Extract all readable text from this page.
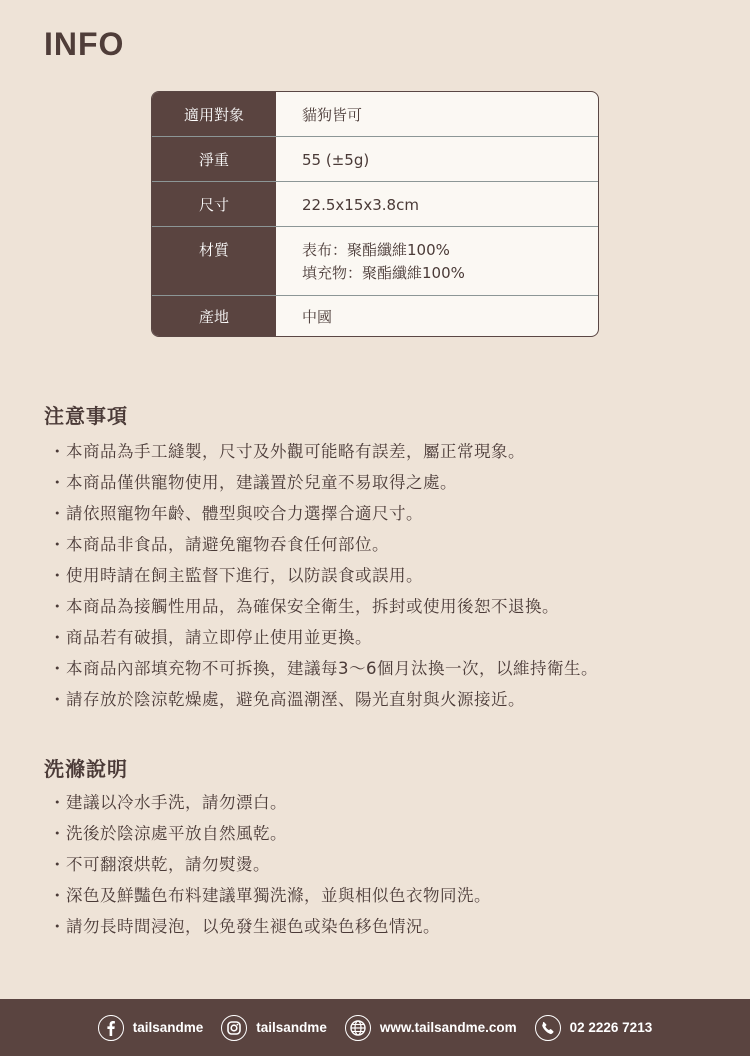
INFO
適用對象	貓狗皆可
淨重	55 (±5g)
尺寸	22.5x15x3.8cm
材質	表布：聚酯纖維100%
填充物：聚酯纖維100%
產地	中國
注意事項
・本商品為手工縫製，尺寸及外觀可能略有誤差，屬正常現象。
・本商品僅供寵物使用，建議置於兒童不易取得之處。
・請依照寵物年齡、體型與咬合力選擇合適尺寸。
・本商品非食品，請避免寵物吞食任何部位。
・使用時請在飼主監督下進行，以防誤食或誤用。
・本商品為接觸性用品，為確保安全衛生，拆封或使用後恕不退換。
・商品若有破損，請立即停止使用並更換。
・本商品內部填充物不可拆換，建議每3～6個月汰換一次，以維持衛生。
・請存放於陰涼乾燥處，避免高溫潮溼、陽光直射與火源接近。
洗滌說明
・建議以冷水手洗，請勿漂白。
・洗後於陰涼處平放自然風乾。
・不可翻滾烘乾，請勿熨燙。
・深色及鮮豔色布料建議單獨洗滌，並與相似色衣物同洗。
・請勿長時間浸泡，以免發生褪色或染色移色情況。
tailsandme	tailsandme	www.tailsandme.com	02 2226 7213
